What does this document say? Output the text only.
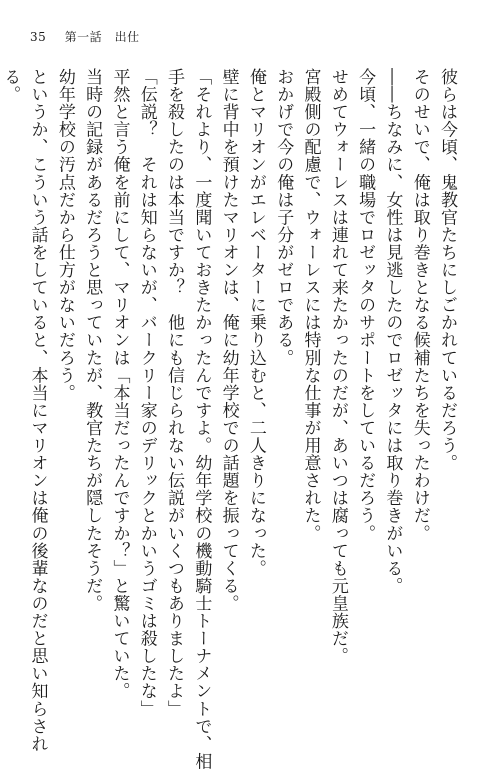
35 第一話　出仕
彼らは今頃、鬼教官たちにしごかれているだろう。
そのせいで、俺は取り巻きとなる候補たちを失ったわけだ。
――ちなみに、女性は見逃したのでロゼッタには取り巻きがいる。
今頃、一緒の職場でロゼッタのサポートをしているだろう。
せめてウォーレスは連れて来たかったのだが、あいつは腐っても元皇族だ。
宮殿側の配慮で、ウォーレスには特別な仕事が用意された。
おかげで今の俺は子分がゼロである。
俺とマリオンがエレベーターに乗り込むと、二人きりになった。
壁に背中を預けたマリオンは、俺に幼年学校での話題を振ってくる。
「それより、一度聞いておきたかったんですよ。幼年学校の機動騎士トーナメントで、相
手を殺したのは本当ですか？　他にも信じられない伝説がいくつもありましたよ」
「伝説？　それは知らないが、バークリー家のデリックとかいうゴミは殺したな」
平然と言う俺を前にして、マリオンは「本当だったんですか？」と驚いていた。
当時の記録があるだろうと思っていたが、教官たちが隠したそうだ。
幼年学校の汚点だから仕方がないだろう。
というか、こういう話をしていると、本当にマリオンは俺の後輩なのだと思い知らされ
る。
